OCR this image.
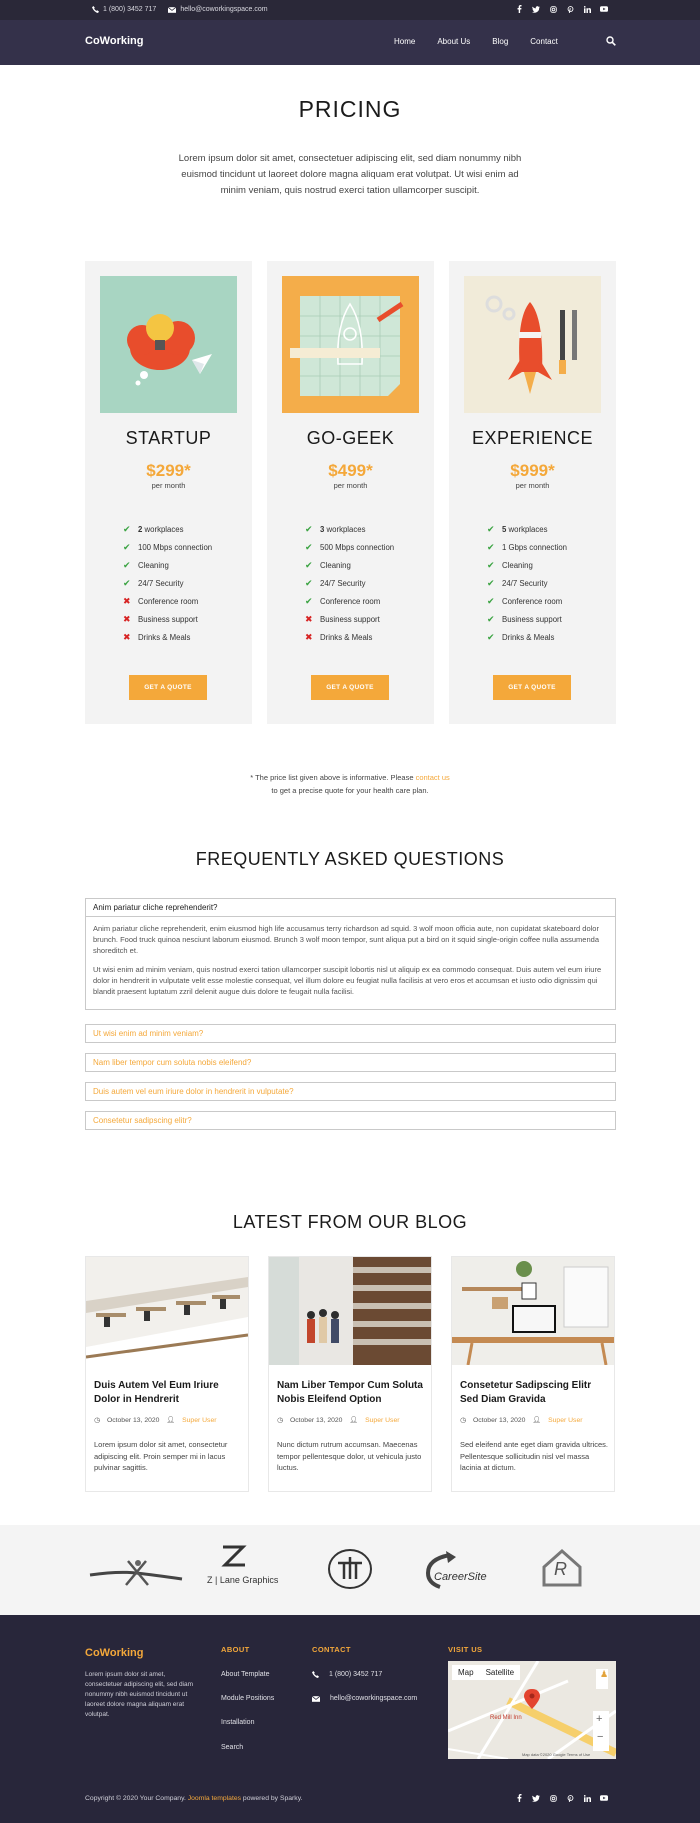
1 (800) 3452 717	hello@coworkingspace.com
CoWorking	Home	About Us	Blog	Contact
PRICING
Lorem ipsum dolor sit amet, consectetuer adipiscing elit, sed diam nonummy nibh euismod tincidunt ut laoreet dolore magna aliquam erat volutpat. Ut wisi enim ad minim veniam, quis nostrud exerci tation ullamcorper suscipit.
STARTUP
$299*
per month
✔ 2 workplaces
✔ 100 Mbps connection
✔ Cleaning
✔ 24/7 Security
✖ Conference room
✖ Business support
✖ Drinks & Meals
GET A QUOTE
GO-GEEK
$499*
per month
✔ 3 workplaces
✔ 500 Mbps connection
✔ Cleaning
✔ 24/7 Security
✔ Conference room
✖ Business support
✖ Drinks & Meals
GET A QUOTE
EXPERIENCE
$999*
per month
✔ 5 workplaces
✔ 1 Gbps connection
✔ Cleaning
✔ 24/7 Security
✔ Conference room
✔ Business support
✔ Drinks & Meals
GET A QUOTE
* The price list given above is informative. Please contact us
to get a precise quote for your health care plan.
FREQUENTLY ASKED QUESTIONS
Anim pariatur cliche reprehenderit?

Anim pariatur cliche reprehenderit, enim eiusmod high life accusamus terry richardson ad squid. 3 wolf moon officia aute, non cupidatat skateboard dolor brunch. Food truck quinoa nesciunt laborum eiusmod. Brunch 3 wolf moon tempor, sunt aliqua put a bird on it squid single-origin coffee nulla assumenda shoreditch et.

Ut wisi enim ad minim veniam, quis nostrud exerci tation ullamcorper suscipit lobortis nisl ut aliquip ex ea commodo consequat. Duis autem vel eum iriure dolor in hendrerit in vulputate velit esse molestie consequat, vel illum dolore eu feugiat nulla facilisis at vero eros et accumsan et iusto odio dignissim qui blandit praesent luptatum zzril delenit augue duis dolore te feugait nulla facilisi.

Ut wisi enim ad minim veniam?
Nam liber tempor cum soluta nobis eleifend?
Duis autem vel eum iriure dolor in hendrerit in vulputate?
Consetetur sadipscing elitr?
LATEST FROM OUR BLOG
Duis Autem Vel Eum Iriure Dolor in Hendrerit
◷ October 13, 2020 👤︎ Super User
Lorem ipsum dolor sit amet, consectetur adipiscing elit. Proin semper mi in lacus pulvinar sagittis.
Nam Liber Tempor Cum Soluta Nobis Eleifend Option
◷ October 13, 2020 👤︎ Super User
Nunc dictum rutrum accumsan. Maecenas tempor pellentesque dolor, ut vehicula justo luctus.
Consetetur Sadipscing Elitr Sed Diam Gravida
◷ October 13, 2020 👤︎ Super User
Sed eleifend ante eget diam gravida ultrices. Pellentesque sollicitudin nisl vel massa lacinia at dictum.
Z | Lane Graphics	CareerSite	R
CoWorking
Lorem ipsum dolor sit amet, consectetuer adipiscing elit, sed diam nonummy nibh euismod tincidunt ut laoreet dolore magna aliquam erat volutpat.
ABOUT
About Template
Module Positions
Installation
Search
CONTACT
1 (800) 3452 717
hello@coworkingspace.com
VISIT US
Map Satellite	♟
+
−
Red Mill Inn
Map data ©2020 Google Terms of Use
Copyright © 2020 Your Company. Joomla templates powered by Sparky.
